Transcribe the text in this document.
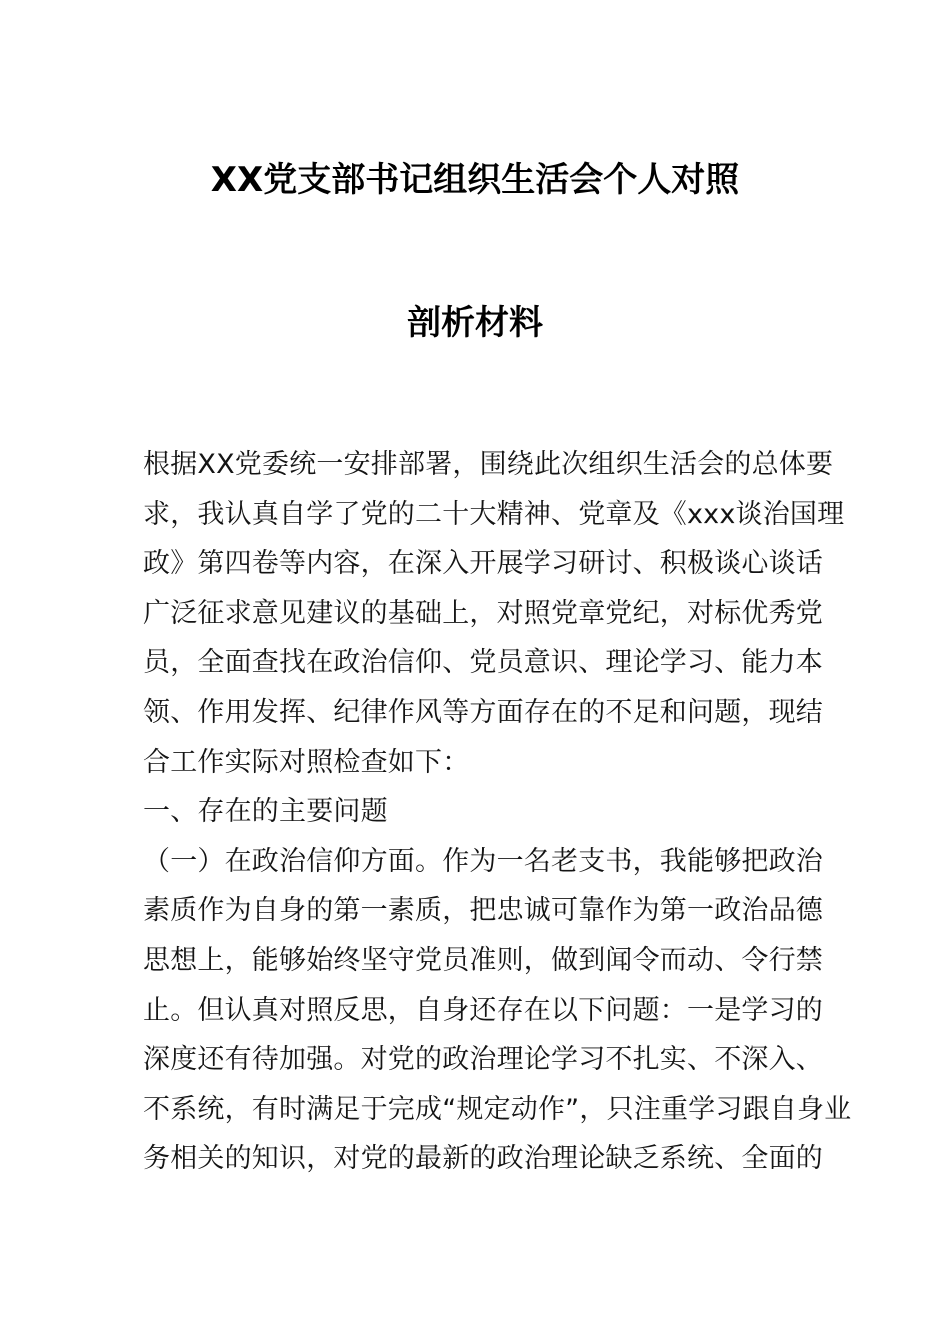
XX党支部书记组织生活会个人对照
剖析材料
根据XX党委统一安排部署，围绕此次组织生活会的总体要
求，我认真自学了党的二十大精神、党章及《xxx谈治国理
政》第四卷等内容，在深入开展学习研讨、积极谈心谈话
广泛征求意见建议的基础上，对照党章党纪，对标优秀党
员，全面查找在政治信仰、党员意识、理论学习、能力本
领、作用发挥、纪律作风等方面存在的不足和问题，现结
合工作实际对照检查如下：
一、存在的主要问题
（一）在政治信仰方面。作为一名老支书，我能够把政治
素质作为自身的第一素质，把忠诚可靠作为第一政治品德
思想上，能够始终坚守党员准则，做到闻令而动、令行禁
止。但认真对照反思，自身还存在以下问题：一是学习的
深度还有待加强。对党的政治理论学习不扎实、不深入、
不系统，有时满足于完成“规定动作”，只注重学习跟自身业
务相关的知识，对党的最新的政治理论缺乏系统、全面的
